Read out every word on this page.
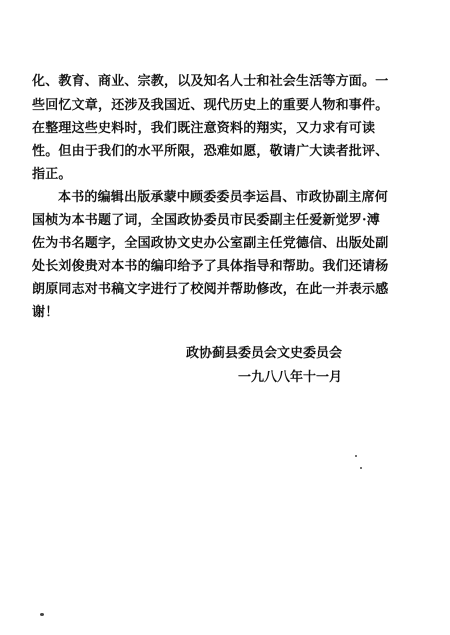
化、教育、商业、宗教，以及知名人士和社会生活等方面。一
些回忆文章，还涉及我国近、现代历史上的重要人物和事件。
在整理这些史料时，我们既注意资料的翔实，又力求有可读
性。但由于我们的水平所限，恐难如愿，敬请广大读者批评、
指正。
本书的编辑出版承蒙中顾委委员李运昌、市政协副主席何
国桢为本书题了词，全国政协委员市民委副主任爱新觉罗·溥
佐为书名题字，全国政协文史办公室副主任党德信、出版处副
处长刘俊贵对本书的编印给予了具体指导和帮助。我们还请杨
朗原同志对书稿文字进行了校阅并帮助修改，在此一并表示感
谢！
政协蓟县委员会文史委员会
一九八八年十一月
